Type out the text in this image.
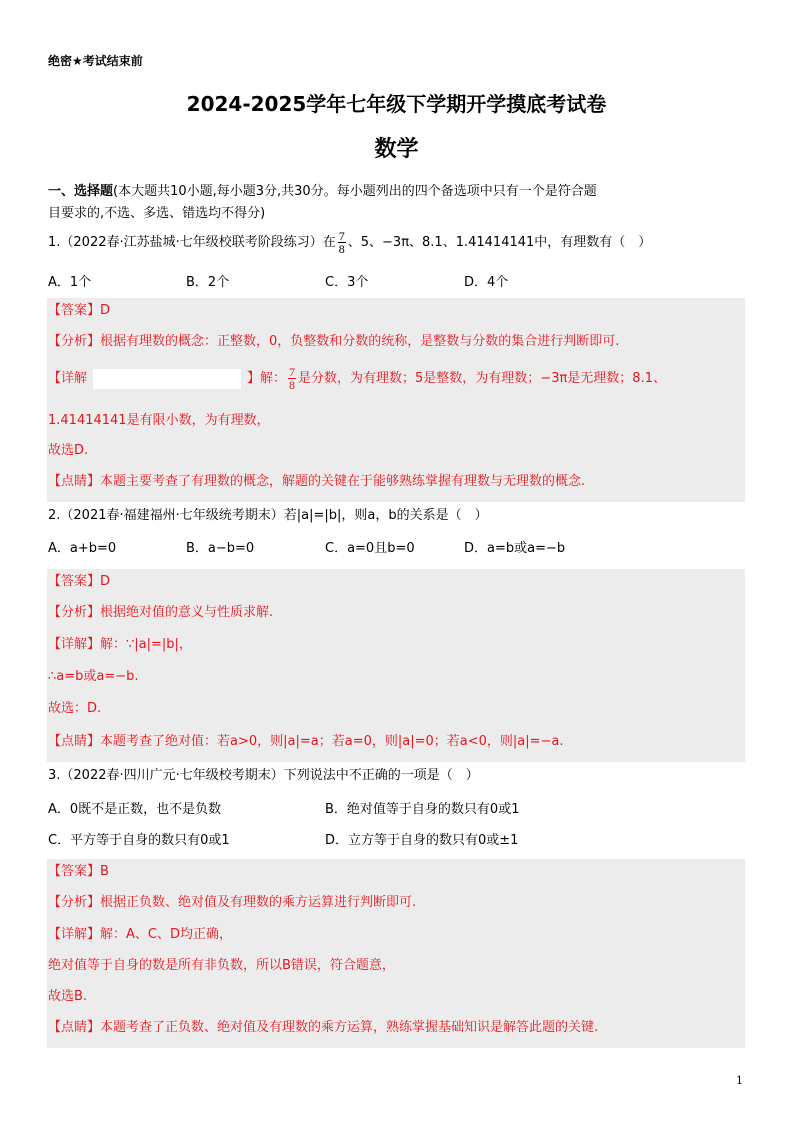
绝密★考试结束前
2024-2025学年七年级下学期开学摸底考试卷
数学
一、选择题(本大题共10小题,每小题3分,共30分。每小题列出的四个备选项中只有一个是符合题
目要求的,不选、多选、错选均不得分)
1.（2022春·江苏盐城·七年级校联考阶段练习）在 $\frac{7}{8}$ 、5、−3π、8.1、1.41414141中，有理数有（　）
A．1个	B．2个	C．3个	D．4个
【答案】D
【分析】根据有理数的概念：正整数，0，负整数和分数的统称，是整数与分数的集合进行判断即可.
【详解	】解： $\frac{7}{8}$ 是分数，为有理数；5是整数，为有理数；−3π是无理数；8.1、
1.41414141是有限小数，为有理数，
故选D.
【点睛】本题主要考查了有理数的概念，解题的关键在于能够熟练掌握有理数与无理数的概念.
2.（2021春·福建福州·七年级统考期末）若|a|=|b|，则a，b的关系是（　）
A．a+b=0	B．a−b=0	C．a=0且b=0	D．a=b或a=−b
【答案】D
【分析】根据绝对值的意义与性质求解.
【详解】解：∵|a|=|b|，
∴a=b或a=−b.
故选：D.
【点睛】本题考查了绝对值：若a>0，则|a|=a；若a=0，则|a|=0；若a<0，则|a|=−a.
3.（2022春·四川广元·七年级校考期末）下列说法中不正确的一项是（　）
A．0既不是正数，也不是负数	B．绝对值等于自身的数只有0或1
C．平方等于自身的数只有0或1	D．立方等于自身的数只有0或±1
【答案】B
【分析】根据正负数、绝对值及有理数的乘方运算进行判断即可.
【详解】解：A、C、D均正确，
绝对值等于自身的数是所有非负数，所以B错误，符合题意，
故选B.
【点睛】本题考查了正负数、绝对值及有理数的乘方运算，熟练掌握基础知识是解答此题的关键.
1
